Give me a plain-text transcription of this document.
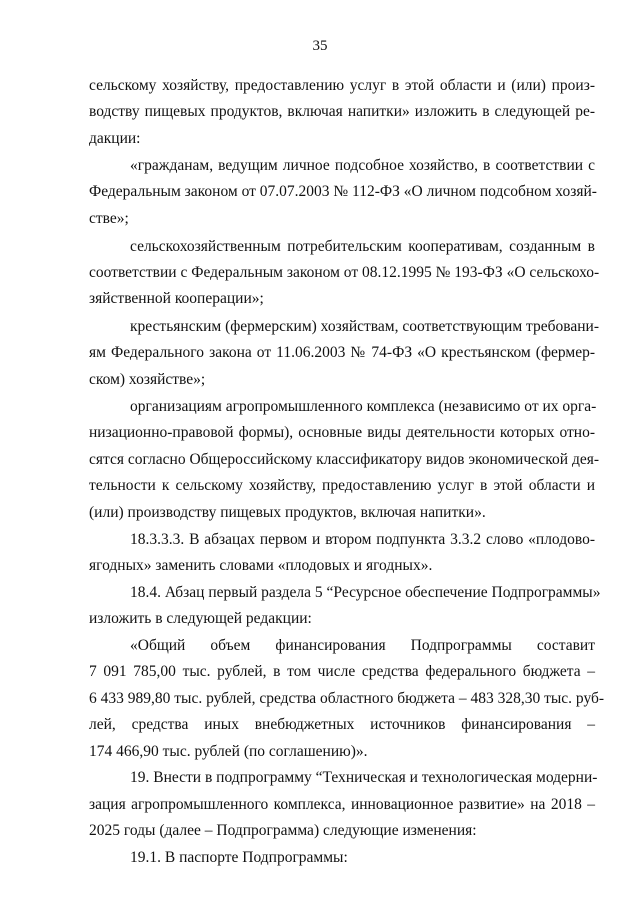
35
сельскому хозяйству, предоставлению услуг в этой области и (или) произ-
водству пищевых продуктов, включая напитки» изложить в следующей ре-
дакции:
«гражданам, ведущим личное подсобное хозяйство, в соответствии с
Федеральным законом от 07.07.2003 № 112-ФЗ «О личном подсобном хозяй-
стве»;
сельскохозяйственным потребительским кооперативам, созданным в
соответствии с Федеральным законом от 08.12.1995 № 193-ФЗ «О сельскохо-
зяйственной кооперации»;
крестьянским (фермерским) хозяйствам, соответствующим требовани-
ям Федерального закона от 11.06.2003 № 74-ФЗ «О крестьянском (фермер-
ском) хозяйстве»;
организациям агропромышленного комплекса (независимо от их орга-
низационно-правовой формы), основные виды деятельности которых отно-
сятся согласно Общероссийскому классификатору видов экономической дея-
тельности к сельскому хозяйству, предоставлению услуг в этой области и
(или) производству пищевых продуктов, включая напитки».
18.3.3.3. В абзацах первом и втором подпункта 3.3.2 слово «плодово-
ягодных» заменить словами «плодовых и ягодных».
18.4. Абзац первый раздела 5 “Ресурсное обеспечение Подпрограммы»
изложить в следующей редакции:
«Общий объем финансирования Подпрограммы составит
7 091 785,00 тыс. рублей, в том числе средства федерального бюджета –
6 433 989,80 тыс. рублей, средства областного бюджета – 483 328,30 тыс. руб-
лей, средства иных внебюджетных источников финансирования –
174 466,90 тыс. рублей (по соглашению)».
19. Внести в подпрограмму “Техническая и технологическая модерни-
зация агропромышленного комплекса, инновационное развитие» на 2018 –
2025 годы (далее – Подпрограмма) следующие изменения:
19.1. В паспорте Подпрограммы:
